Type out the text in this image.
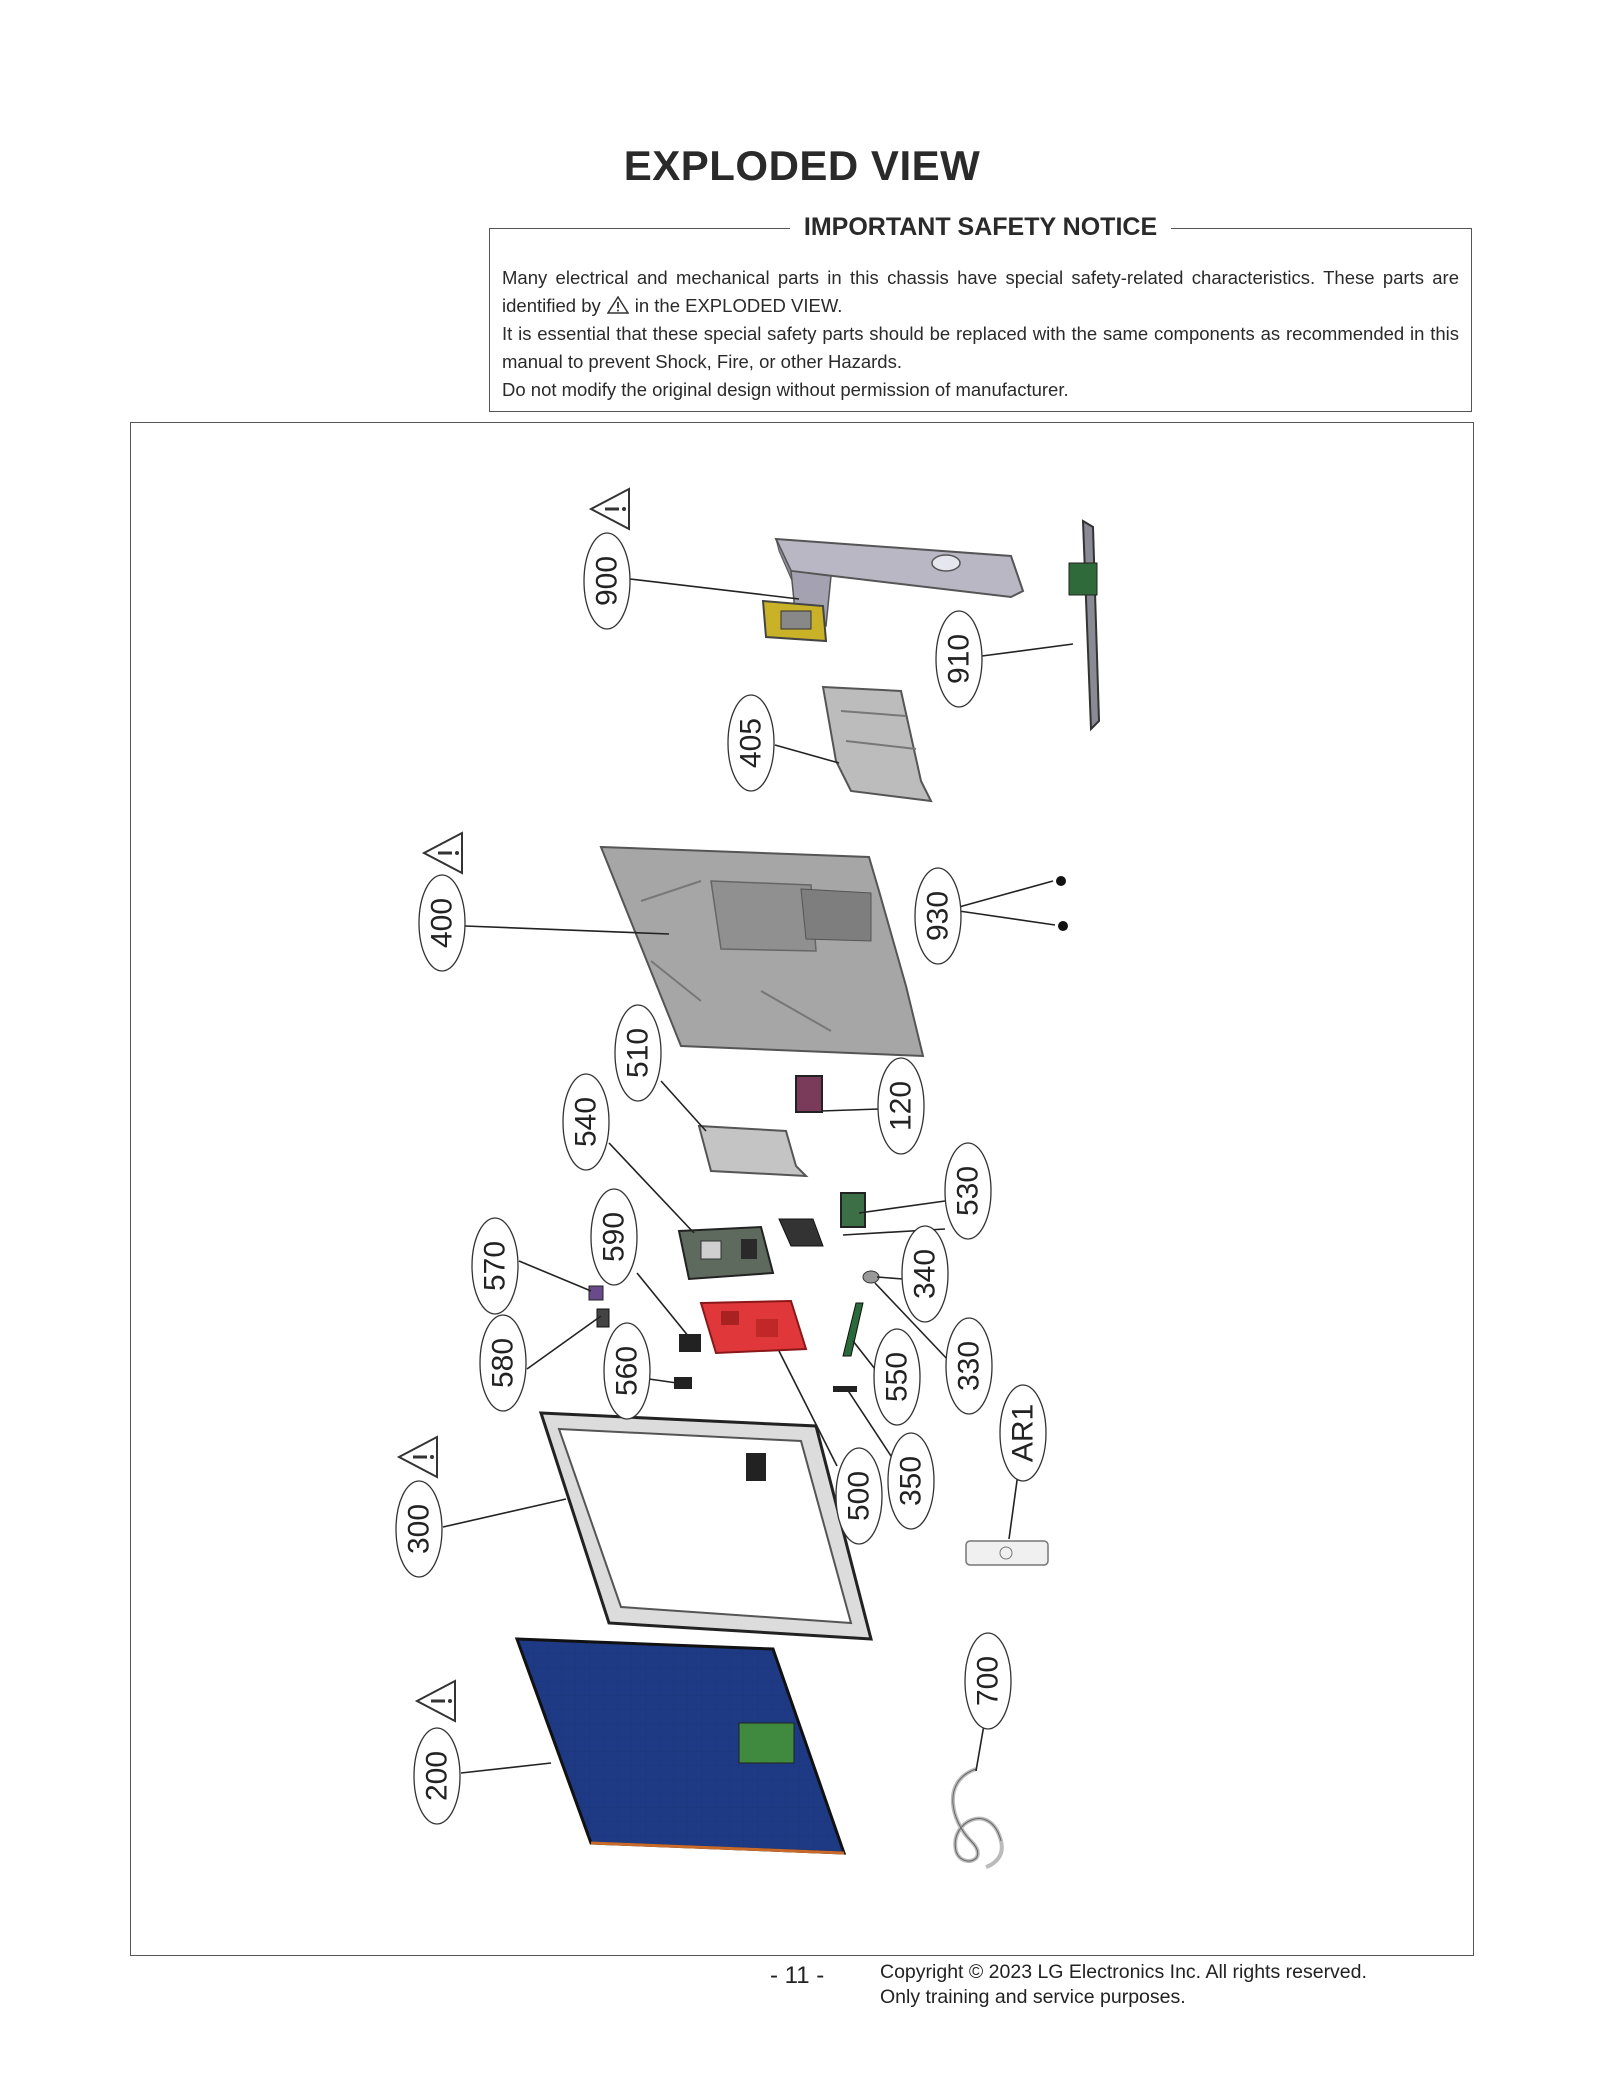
EXPLODED VIEW
IMPORTANT SAFETY NOTICE

Many electrical and mechanical parts in this chassis have special safety-related characteristics. These parts are identified by in the EXPLODED VIEW.

It is essential that these special safety parts should be replaced with the same components as recommended in this manual to prevent Shock, Fire, or other Hazards.

Do not modify the original design without permission of manufacturer.

900
910
405
400	930
510
120
540
530
570
590
340
580	560	550 330
AR1
300
500 350
700
200
- 11 -	Copyright © 2023 LG Electronics Inc. All rights reserved.
Only training and service purposes.
